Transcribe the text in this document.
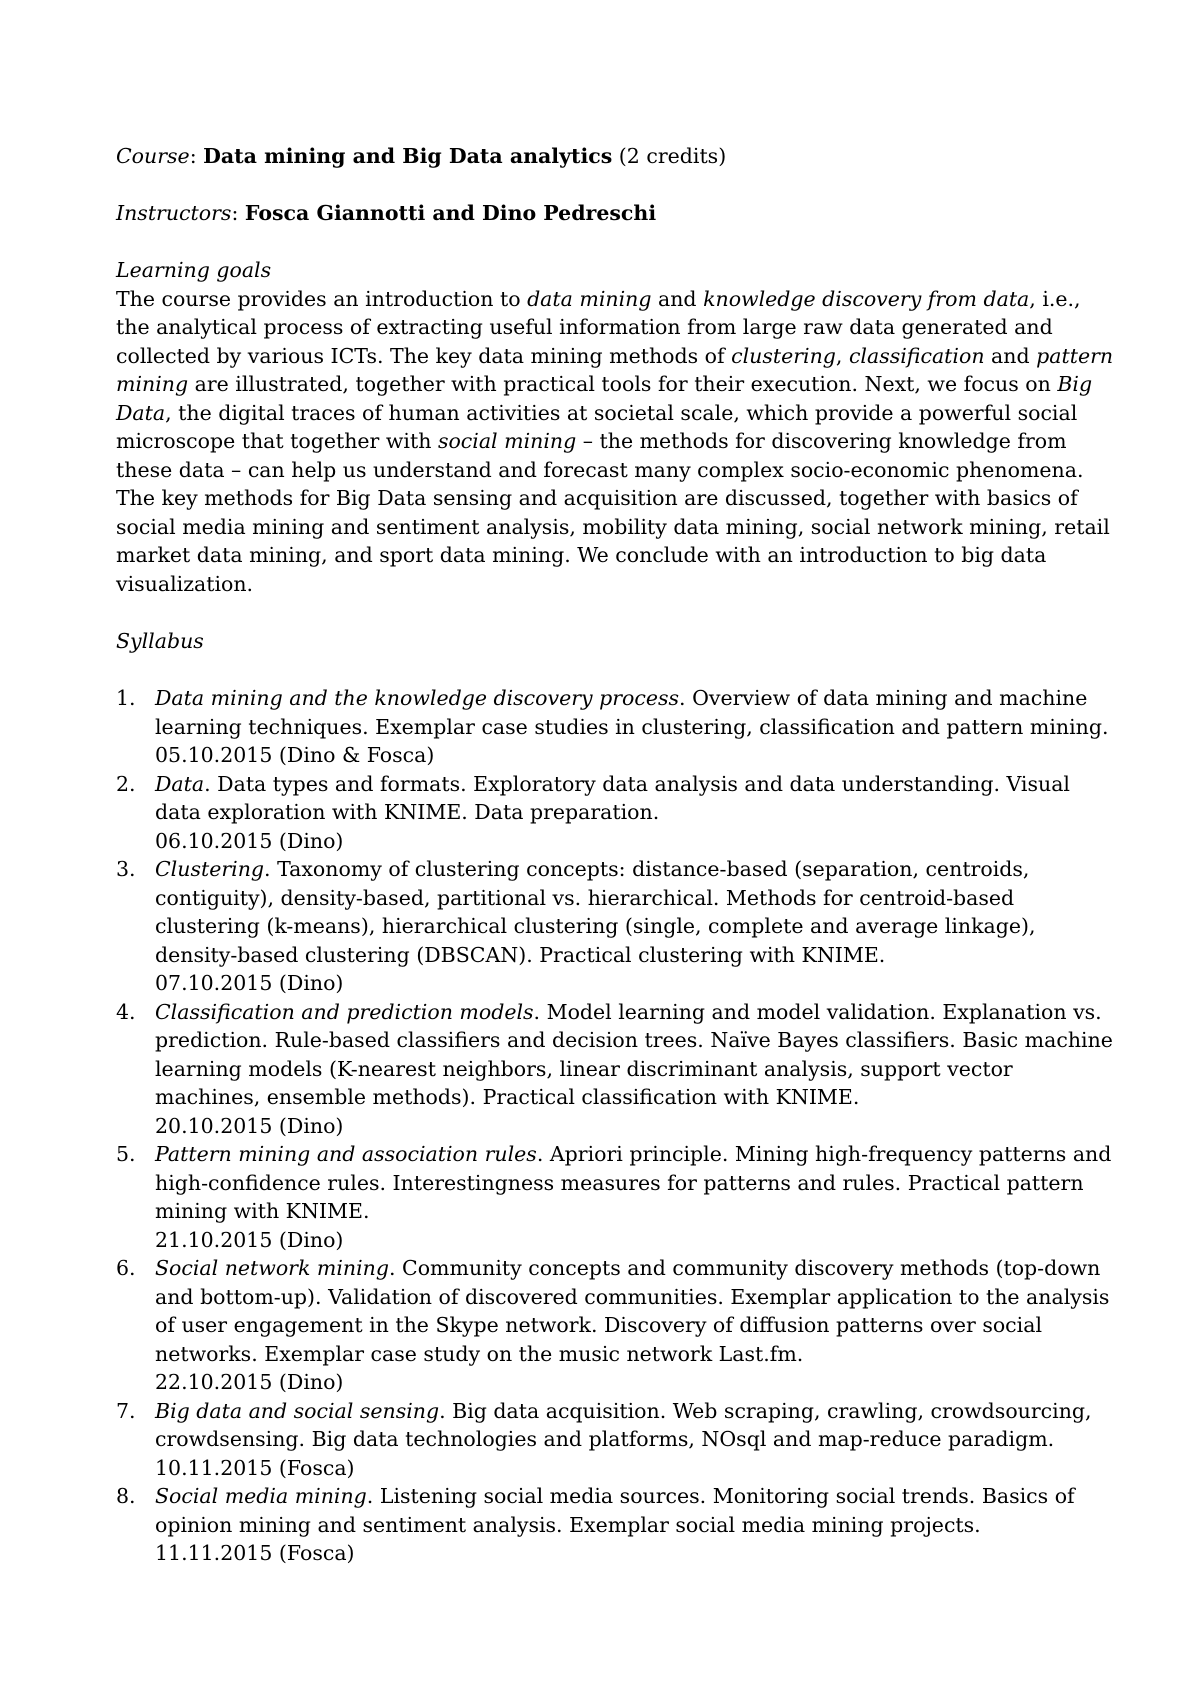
Course: Data mining and Big Data analytics (2 credits)

Instructors: Fosca Giannotti and Dino Pedreschi

Learning goals

The course provides an introduction to data mining and knowledge discovery from data, i.e., the analytical process of extracting useful information from large raw data generated and collected by various ICTs. The key data mining methods of clustering, classification and pattern mining are illustrated, together with practical tools for their execution. Next, we focus on Big Data, the digital traces of human activities at societal scale, which provide a powerful social microscope that together with social mining – the methods for discovering knowledge from these data – can help us understand and forecast many complex socio-economic phenomena. The key methods for Big Data sensing and acquisition are discussed, together with basics of social media mining and sentiment analysis, mobility data mining, social network mining, retail market data mining, and sport data mining. We conclude with an introduction to big data visualization.

Syllabus

1. Data mining and the knowledge discovery process. Overview of data mining and machine learning techniques. Exemplar case studies in clustering, classification and pattern mining.
05.10.2015 (Dino & Fosca)
2. Data. Data types and formats. Exploratory data analysis and data understanding. Visual data exploration with KNIME. Data preparation.
06.10.2015 (Dino)
3. Clustering. Taxonomy of clustering concepts: distance-based (separation, centroids, contiguity), density-based, partitional vs. hierarchical. Methods for centroid-based clustering (k-means), hierarchical clustering (single, complete and average linkage), density-based clustering (DBSCAN). Practical clustering with KNIME.
07.10.2015 (Dino)
4. Classification and prediction models. Model learning and model validation. Explanation vs. prediction. Rule-based classifiers and decision trees. Naïve Bayes classifiers. Basic machine learning models (K-nearest neighbors, linear discriminant analysis, support vector machines, ensemble methods). Practical classification with KNIME.
20.10.2015 (Dino)
5. Pattern mining and association rules. Apriori principle. Mining high-frequency patterns and high-confidence rules. Interestingness measures for patterns and rules. Practical pattern mining with KNIME.
21.10.2015 (Dino)
6. Social network mining. Community concepts and community discovery methods (top-down and bottom-up). Validation of discovered communities. Exemplar application to the analysis of user engagement in the Skype network. Discovery of diffusion patterns over social networks. Exemplar case study on the music network Last.fm.
22.10.2015 (Dino)
7. Big data and social sensing. Big data acquisition. Web scraping, crawling, crowdsourcing, crowdsensing. Big data technologies and platforms, NOsql and map-reduce paradigm.
10.11.2015 (Fosca)
8. Social media mining. Listening social media sources. Monitoring social trends. Basics of opinion mining and sentiment analysis. Exemplar social media mining projects.
11.11.2015 (Fosca)
